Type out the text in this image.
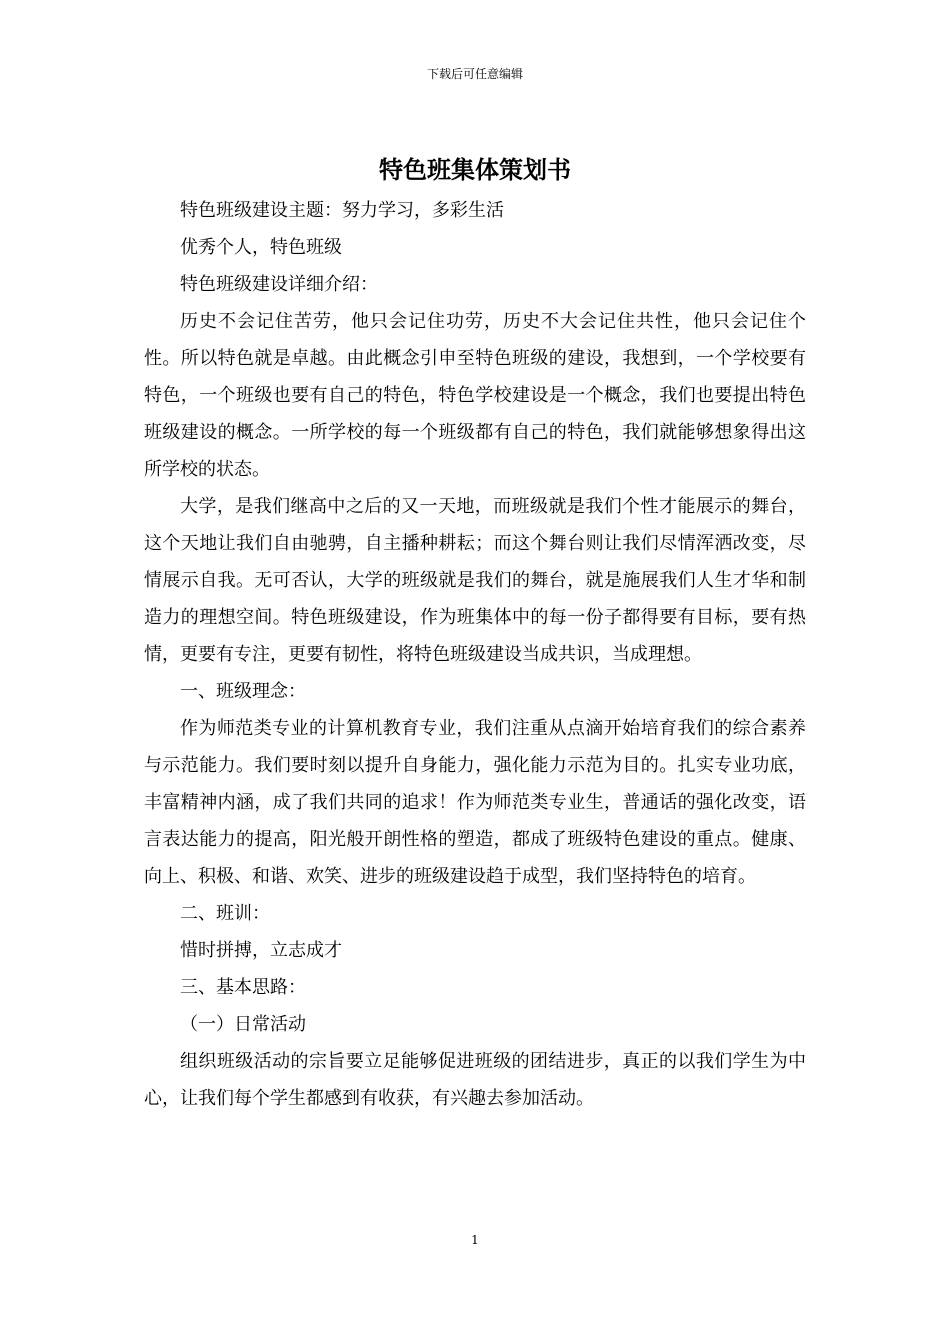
下载后可任意编辑
特色班集体策划书

特色班级建设主题：努力学习，多彩生活

优秀个人，特色班级

特色班级建设详细介绍：

历史不会记住苦劳，他只会记住功劳，历史不大会记住共性，他只会记住个性。所以特色就是卓越。由此概念引申至特色班级的建设，我想到，一个学校要有特色，一个班级也要有自己的特色，特色学校建设是一个概念，我们也要提出特色班级建设的概念。一所学校的每一个班级都有自己的特色，我们就能够想象得出这所学校的状态。

大学，是我们继高中之后的又一天地，而班级就是我们个性才能展示的舞台，这个天地让我们自由驰骋，自主播种耕耘；而这个舞台则让我们尽情浑洒改变，尽情展示自我。无可否认，大学的班级就是我们的舞台，就是施展我们人生才华和制造力的理想空间。特色班级建设，作为班集体中的每一份子都得要有目标，要有热情，更要有专注，更要有韧性，将特色班级建设当成共识，当成理想。

一、班级理念：

作为师范类专业的计算机教育专业，我们注重从点滴开始培育我们的综合素养与示范能力。我们要时刻以提升自身能力，强化能力示范为目的。扎实专业功底，丰富精神内涵，成了我们共同的追求！作为师范类专业生，普通话的强化改变，语言表达能力的提高，阳光般开朗性格的塑造，都成了班级特色建设的重点。健康、向上、积极、和谐、欢笑、进步的班级建设趋于成型，我们坚持特色的培育。

二、班训：

惜时拼搏，立志成才

三、基本思路：

（一）日常活动

组织班级活动的宗旨要立足能够促进班级的团结进步，真正的以我们学生为中心，让我们每个学生都感到有收获，有兴趣去参加活动。

1
